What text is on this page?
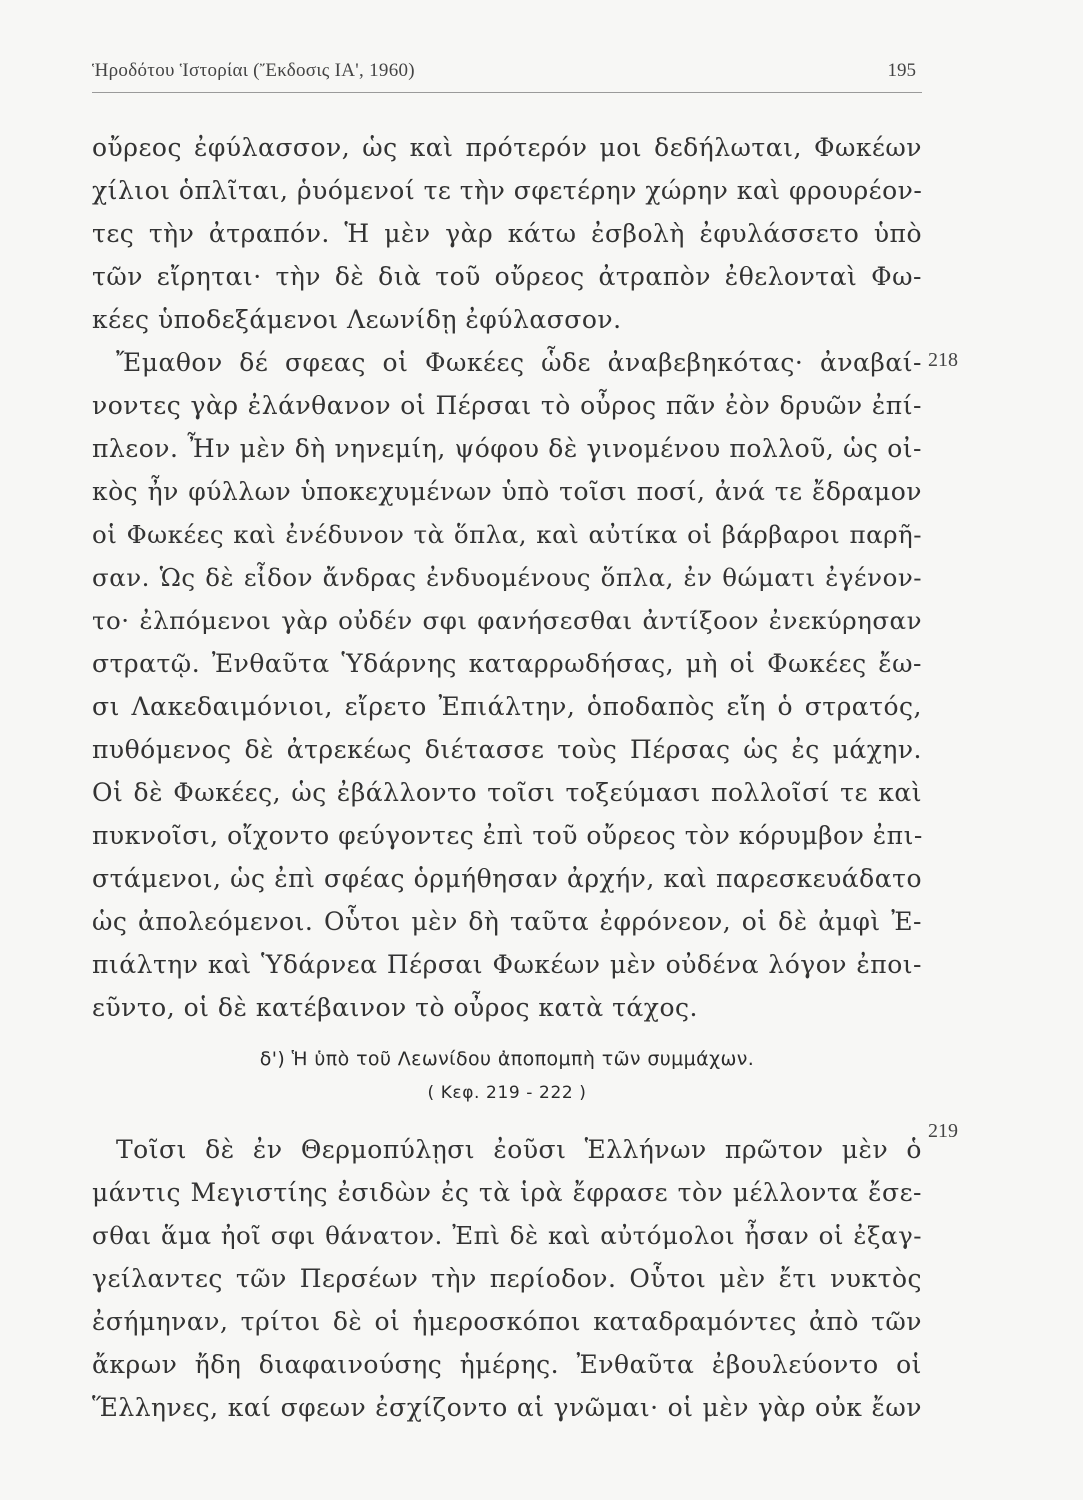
Ἡροδότου Ἱστορίαι (Ἔκδοσις ΙΑ', 1960)	195
οὔρεος ἐφύλασσον, ὡς καὶ πρότερόν μοι δεδήλωται, Φωκέων
χίλιοι ὁπλῖται, ῥυόμενοί τε τὴν σφετέρην χώρην καὶ φρουρέον-
τες τὴν ἀτραπόν. Ἡ μὲν γὰρ κάτω ἐσβολὴ ἐφυλάσσετο ὑπὸ
τῶν εἴρηται· τὴν δὲ διὰ τοῦ οὔρεος ἀτραπὸν ἐθελονταὶ Φω-
κέες ὑποδεξάμενοι Λεωνίδῃ ἐφύλασσον.
Ἔμαθον δέ σφεας οἱ Φωκέες ὧδε ἀναβεβηκότας· ἀναβαί-
νοντες γὰρ ἐλάνθανον οἱ Πέρσαι τὸ οὖρος πᾶν ἐὸν δρυῶν ἐπί-
πλεον. Ἦν μὲν δὴ νηνεμίη, ψόφου δὲ γινομένου πολλοῦ, ὡς οἰ-
κὸς ἦν φύλλων ὑποκεχυμένων ὑπὸ τοῖσι ποσί, ἀνά τε ἔδραμον
οἱ Φωκέες καὶ ἐνέδυνον τὰ ὅπλα, καὶ αὐτίκα οἱ βάρβαροι παρῆ-
σαν. Ὡς δὲ εἶδον ἄνδρας ἐνδυομένους ὅπλα, ἐν θώματι ἐγένον-
το· ἐλπόμενοι γὰρ οὐδέν σφι φανήσεσθαι ἀντίξοον ἐνεκύρησαν
στρατῷ. Ἐνθαῦτα Ὑδάρνης καταρρωδήσας, μὴ οἱ Φωκέες ἔω-
σι Λακεδαιμόνιοι, εἴρετο Ἐπιάλτην, ὁποδαπὸς εἴη ὁ στρατός,
πυθόμενος δὲ ἀτρεκέως διέτασσε τοὺς Πέρσας ὡς ἐς μάχην.
Οἱ δὲ Φωκέες, ὡς ἐβάλλοντο τοῖσι τοξεύμασι πολλοῖσί τε καὶ
πυκνοῖσι, οἴχοντο φεύγοντες ἐπὶ τοῦ οὔρεος τὸν κόρυμβον ἐπι-
στάμενοι, ὡς ἐπὶ σφέας ὁρμήθησαν ἀρχήν, καὶ παρεσκευάδατο
ὡς ἀπολεόμενοι. Οὗτοι μὲν δὴ ταῦτα ἐφρόνεον, οἱ δὲ ἀμφὶ Ἐ-
πιάλτην καὶ Ὑδάρνεα Πέρσαι Φωκέων μὲν οὐδένα λόγον ἐποι-
εῦντο, οἱ δὲ κατέβαινον τὸ οὖρος κατὰ τάχος.
218
δ') Ἡ ὑπὸ τοῦ Λεωνίδου ἀποπομπὴ τῶν συμμάχων.
( Κεφ. 219 - 222 )
Τοῖσι δὲ ἐν Θερμοπύλῃσι ἐοῦσι Ἑλλήνων πρῶτον μὲν ὁ
μάντις Μεγιστίης ἐσιδὼν ἐς τὰ ἱρὰ ἔφρασε τὸν μέλλοντα ἔσε-
σθαι ἅμα ἠοῖ σφι θάνατον. Ἐπὶ δὲ καὶ αὐτόμολοι ἦσαν οἱ ἐξαγ-
γείλαντες τῶν Περσέων τὴν περίοδον. Οὗτοι μὲν ἔτι νυκτὸς
ἐσήμηναν, τρίτοι δὲ οἱ ἡμεροσκόποι καταδραμόντες ἀπὸ τῶν
ἄκρων ἤδη διαφαινούσης ἡμέρης. Ἐνθαῦτα ἐβουλεύοντο οἱ
Ἕλληνες, καί σφεων ἐσχίζοντο αἱ γνῶμαι· οἱ μὲν γὰρ οὐκ ἔων
219
